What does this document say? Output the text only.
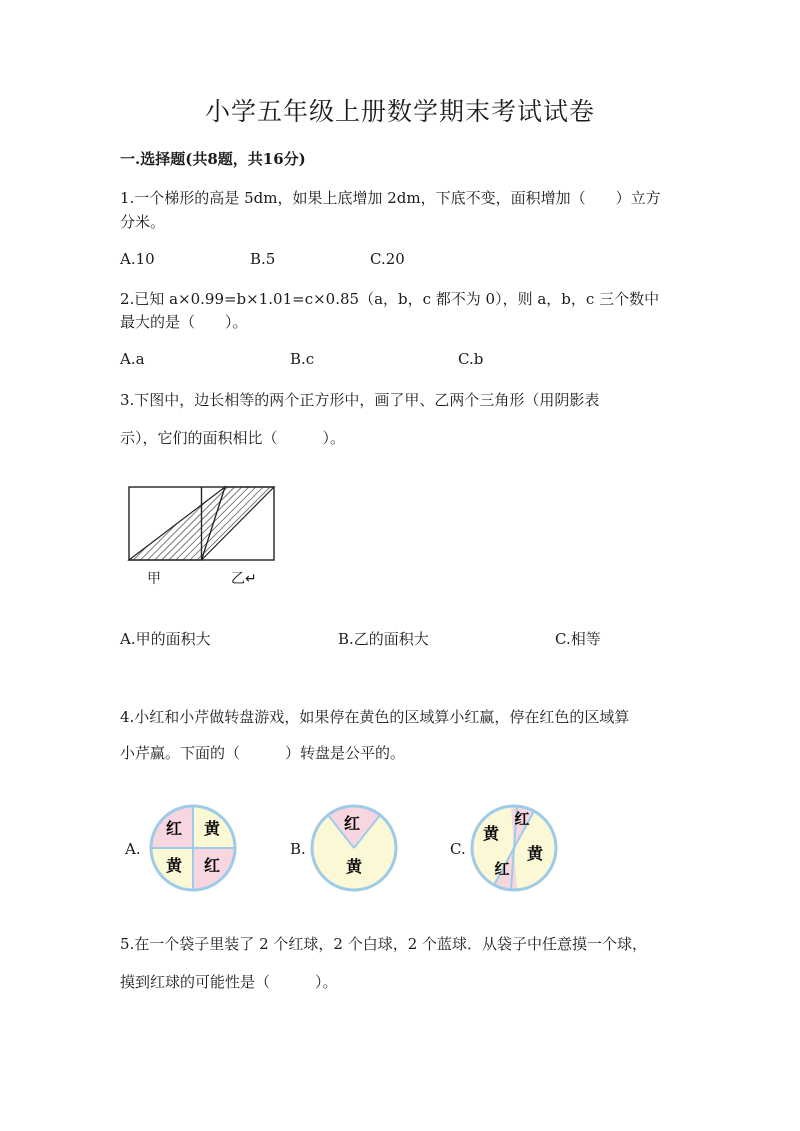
小学五年级上册数学期末考试试卷
一.选择题(共8题，共16分)
1.一个梯形的高是 5dm，如果上底增加 2dm，下底不变，面积增加（　　）立方
分米。
A.10	B.5	C.20
2.已知 a×0.99=b×1.01=c×0.85（a，b，c 都不为 0），则 a，b，c 三个数中
最大的是（　　）。
A.a	B.c	C.b
3.下图中，边长相等的两个正方形中，画了甲、乙两个三角形（用阴影表
示），它们的面积相比（　　　）。
甲	乙↵
A.甲的面积大	B.乙的面积大	C.相等
4.小红和小芹做转盘游戏，如果停在黄色的区域算小红赢，停在红色的区域算
小芹赢。下面的（　　　）转盘是公平的。
A.
红 黄
黄 红
B.
红
黄
C.
红
黄
红
黄
5.在一个袋子里装了 2 个红球，2 个白球，2 个蓝球．从袋子中任意摸一个球，
摸到红球的可能性是（　　　）。
